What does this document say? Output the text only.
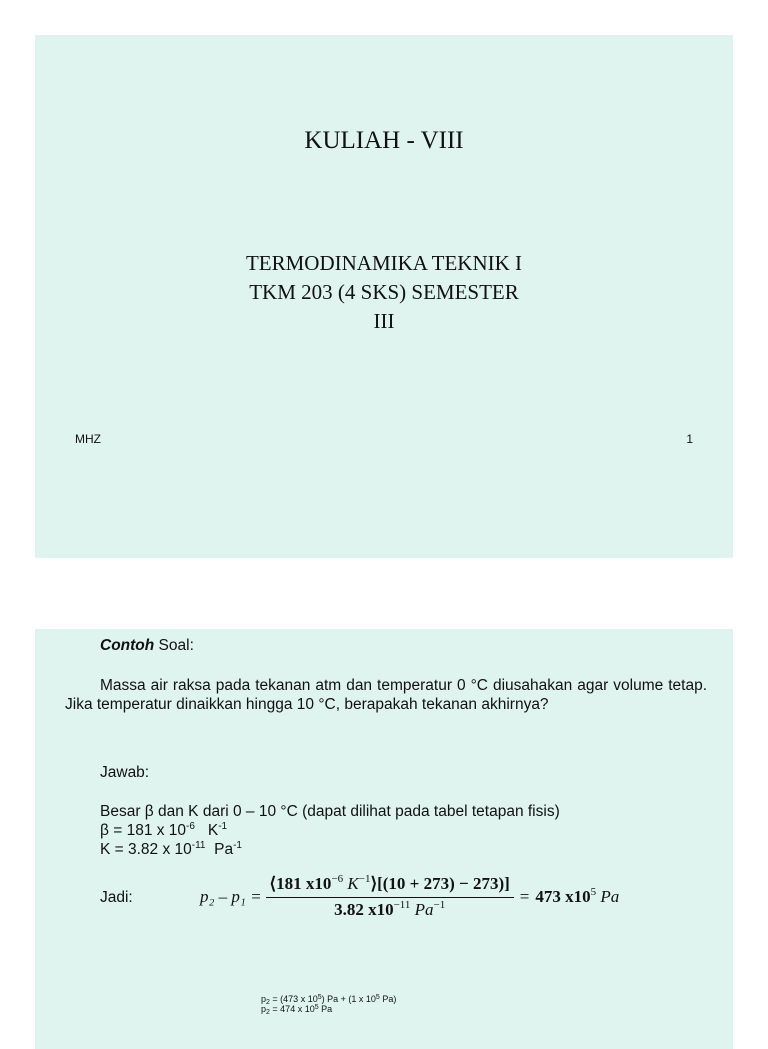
KULIAH - VIII
TERMODINAMIKA TEKNIK I
TKM 203 (4 SKS) SEMESTER
III
MHZ	1
Contoh Soal:
Massa air raksa pada tekanan atm dan temperatur 0 °C diusahakan agar volume tetap. Jika temperatur dinaikkan hingga 10 °C, berapakah tekanan akhirnya?
Jawab:
Besar β dan K dari 0 – 10 °C (dapat dilihat pada tabel tetapan fisis)
β = 181 x $10^{-6}$ $K^{-1}$
K = 3.82 x $10^{-11}$ $Pa^{-1}$
Jadi:	$p_2 - p_1 = \frac{⟨181 x10^{-6} K^{-1}⟩[(10 + 273) - 273)]}{3.82 x10^{-11} Pa^{-1}} = 473$ $x10^5$ Pa
$p_2 = (473$ x $10^5$) Pa + (1 x $10^5$ Pa)
$p_2 = 474$ x $10^5$ Pa
